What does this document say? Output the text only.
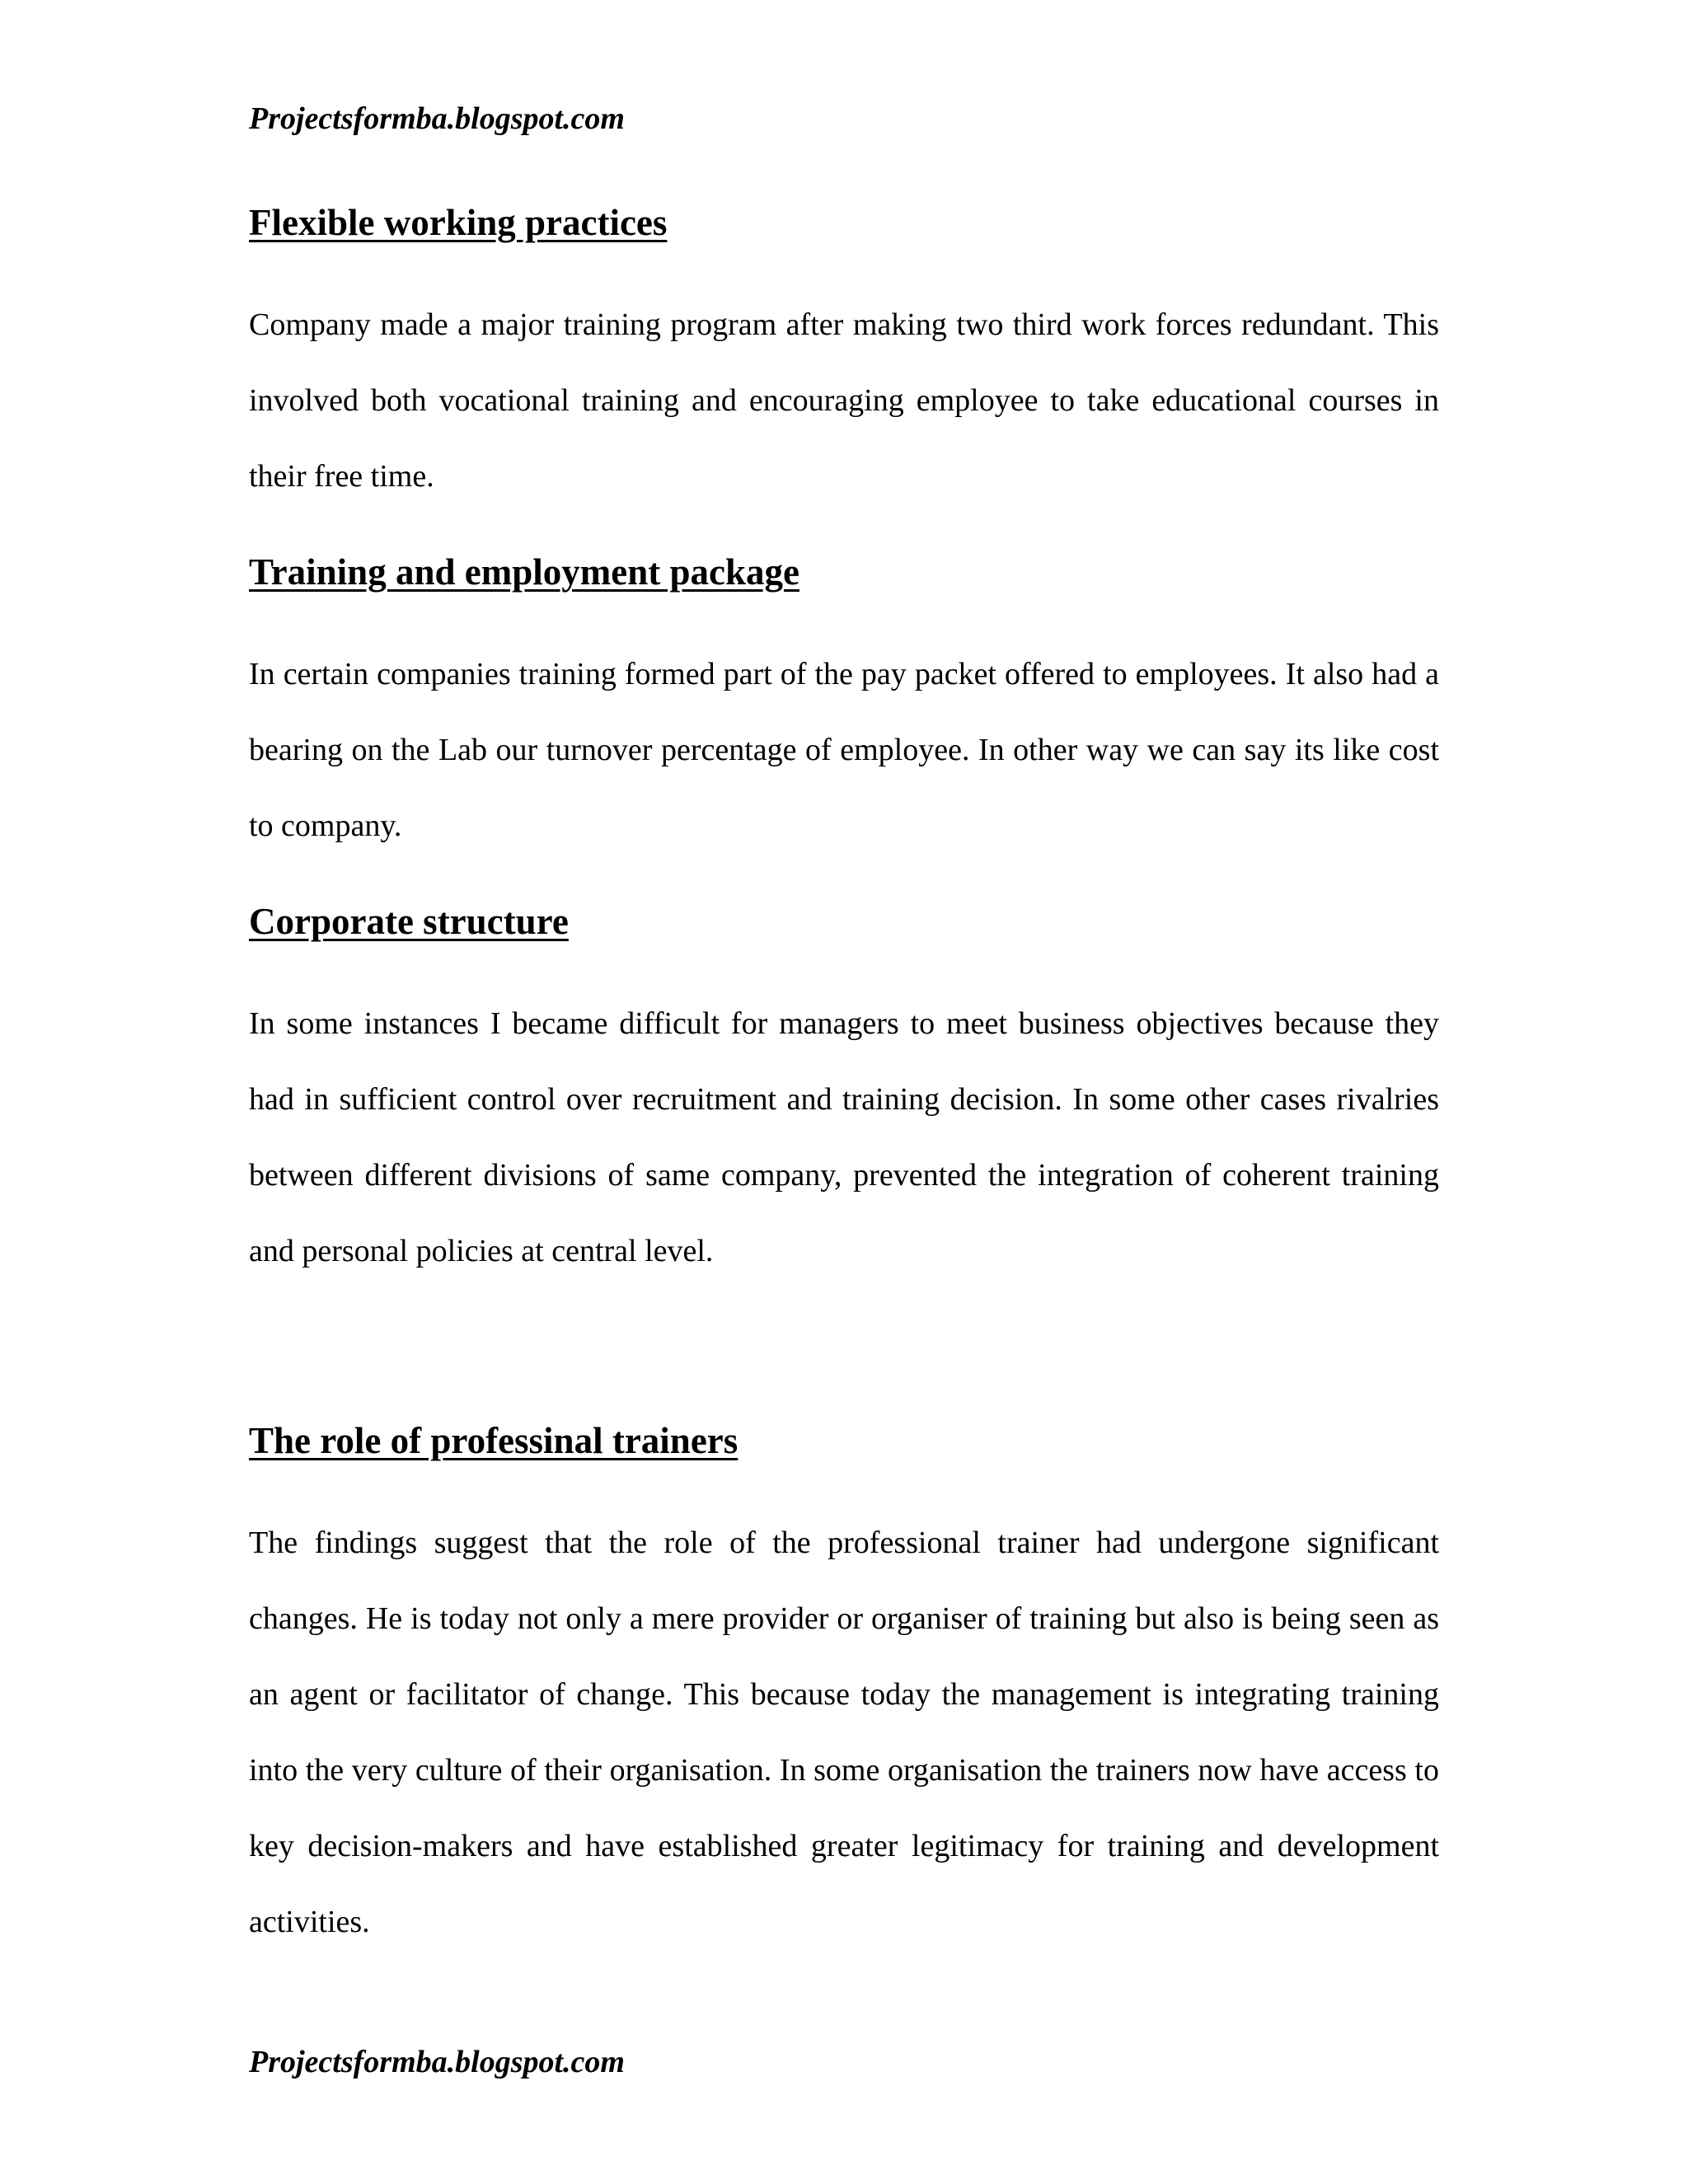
Projectsformba.blogspot.com

Flexible working practices

Company made a major training program after making two third work forces redundant. This involved both vocational training and encouraging employee to take educational courses in their free time.

Training and employment package

In certain companies training formed part of the pay packet offered to employees. It also had a bearing on the Lab our turnover percentage of employee. In other way we can say its like cost to company.

Corporate structure

In some instances I became difficult for managers to meet business objectives because they had in sufficient control over recruitment and training decision. In some other cases rivalries between different divisions of same company, prevented the integration of coherent training and personal policies at central level.

The role of professinal trainers

The findings suggest that the role of the professional trainer had undergone significant changes. He is today not only a mere provider or organiser of training but also is being seen as an agent or facilitator of change. This because today the management is integrating training into the very culture of their organisation. In some organisation the trainers now have access to key decision-makers and have established greater legitimacy for training and development activities.

Projectsformba.blogspot.com
